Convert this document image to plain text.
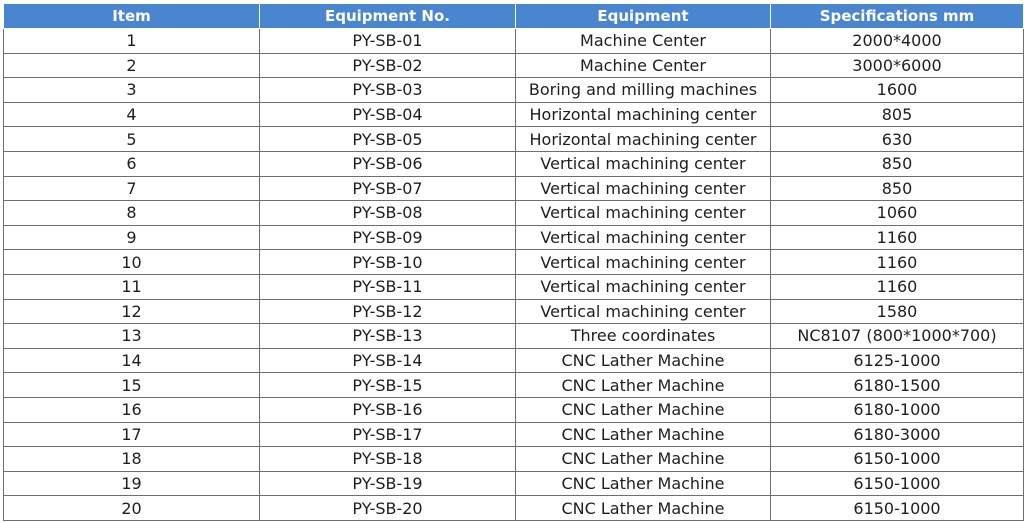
Item	Equipment No.	Equipment	Specifications mm
1	PY-SB-01	Machine Center	2000*4000
2	PY-SB-02	Machine Center	3000*6000
3	PY-SB-03	Boring and milling machines	1600
4	PY-SB-04	Horizontal machining center	805
5	PY-SB-05	Horizontal machining center	630
6	PY-SB-06	Vertical machining center	850
7	PY-SB-07	Vertical machining center	850
8	PY-SB-08	Vertical machining center	1060
9	PY-SB-09	Vertical machining center	1160
10	PY-SB-10	Vertical machining center	1160
11	PY-SB-11	Vertical machining center	1160
12	PY-SB-12	Vertical machining center	1580
13	PY-SB-13	Three coordinates	NC8107 (800*1000*700)
14	PY-SB-14	CNC Lather Machine	6125-1000
15	PY-SB-15	CNC Lather Machine	6180-1500
16	PY-SB-16	CNC Lather Machine	6180-1000
17	PY-SB-17	CNC Lather Machine	6180-3000
18	PY-SB-18	CNC Lather Machine	6150-1000
19	PY-SB-19	CNC Lather Machine	6150-1000
20	PY-SB-20	CNC Lather Machine	6150-1000
